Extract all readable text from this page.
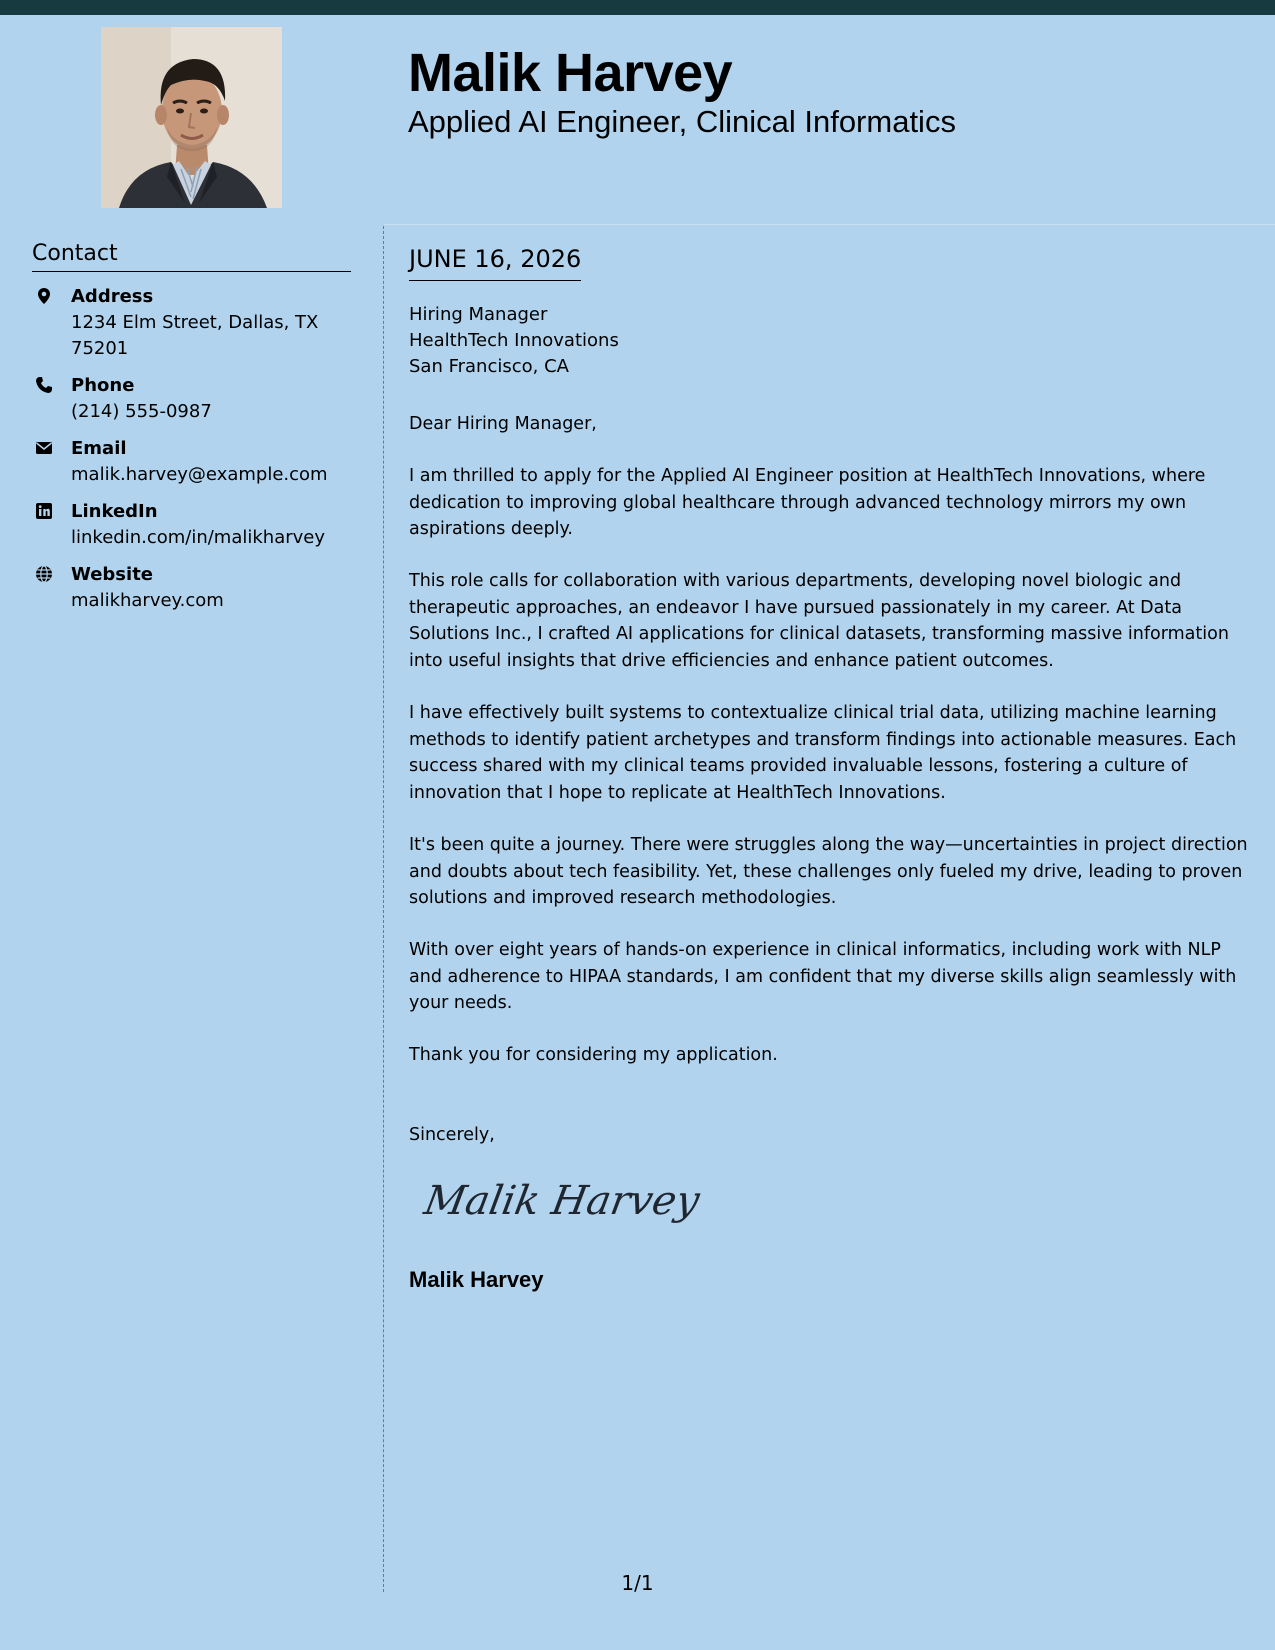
Malik Harvey
Applied AI Engineer, Clinical Informatics
Contact
Address
1234 Elm Street, Dallas, TX 75201
Phone
(214) 555-0987
Email
malik.harvey@example.com
LinkedIn
linkedin.com/in/malikharvey
Website
malikharvey.com
JUNE 16, 2026
Hiring Manager
HealthTech Innovations
San Francisco, CA

Dear Hiring Manager,

I am thrilled to apply for the Applied AI Engineer position at HealthTech Innovations, where dedication to improving global healthcare through advanced technology mirrors my own aspirations deeply.

This role calls for collaboration with various departments, developing novel biologic and therapeutic approaches, an endeavor I have pursued passionately in my career. At Data Solutions Inc., I crafted AI applications for clinical datasets, transforming massive information into useful insights that drive efficiencies and enhance patient outcomes.

I have effectively built systems to contextualize clinical trial data, utilizing machine learning methods to identify patient archetypes and transform findings into actionable measures. Each success shared with my clinical teams provided invaluable lessons, fostering a culture of innovation that I hope to replicate at HealthTech Innovations.

It's been quite a journey. There were struggles along the way—uncertainties in project direction and doubts about tech feasibility. Yet, these challenges only fueled my drive, leading to proven solutions and improved research methodologies.

With over eight years of hands-on experience in clinical informatics, including work with NLP and adherence to HIPAA standards, I am confident that my diverse skills align seamlessly with your needs.

Thank you for considering my application.

Sincerely,

Malik Harvey
Malik Harvey
1/1
